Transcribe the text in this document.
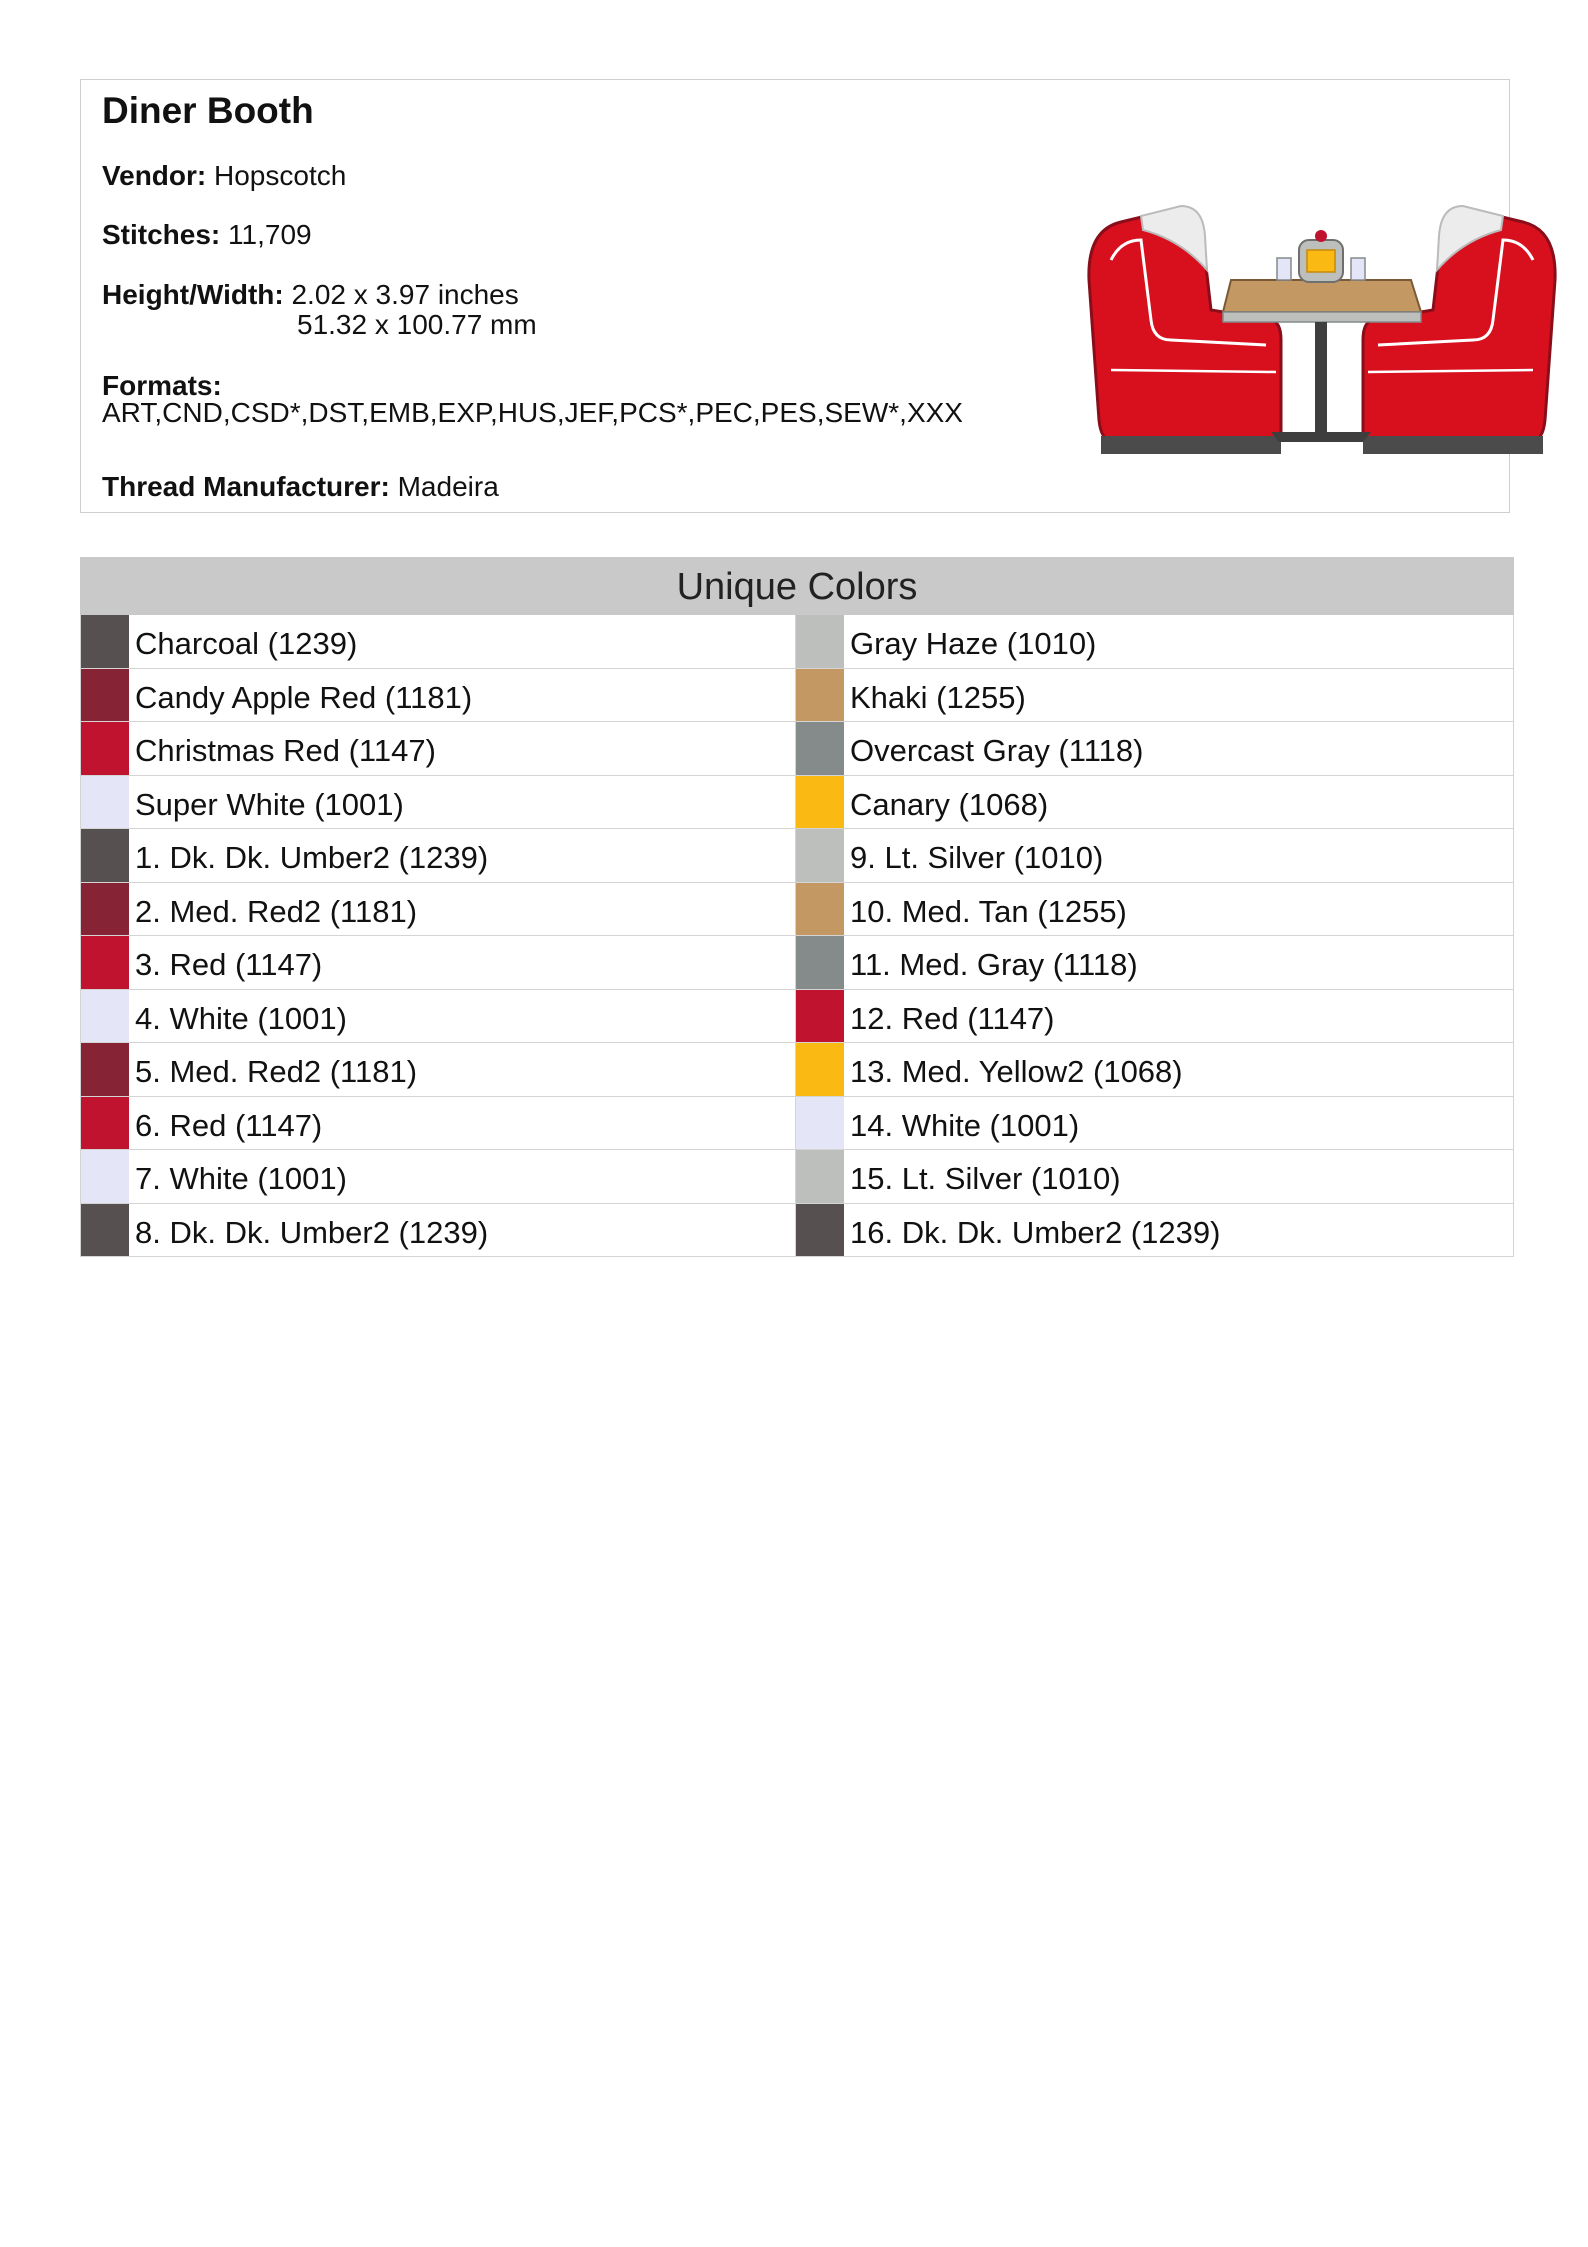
Diner Booth
Vendor: Hopscotch
Stitches: 11,709
Height/Width: 2.02 x 3.97 inches
51.32 x 100.77 mm
Formats:
ART,CND,CSD*,DST,EMB,EXP,HUS,JEF,PCS*,PEC,PES,SEW*,XXX
Thread Manufacturer: Madeira
Unique Colors
Charcoal (1239)	Gray Haze (1010)
Candy Apple Red (1181)	Khaki (1255)
Christmas Red (1147)	Overcast Gray (1118)
Super White (1001)	Canary (1068)
1. Dk. Dk. Umber2 (1239)	9. Lt. Silver (1010)
2. Med. Red2 (1181)	10. Med. Tan (1255)
3. Red (1147)	11. Med. Gray (1118)
4. White (1001)	12. Red (1147)
5. Med. Red2 (1181)	13. Med. Yellow2 (1068)
6. Red (1147)	14. White (1001)
7. White (1001)	15. Lt. Silver (1010)
8. Dk. Dk. Umber2 (1239)	16. Dk. Dk. Umber2 (1239)
